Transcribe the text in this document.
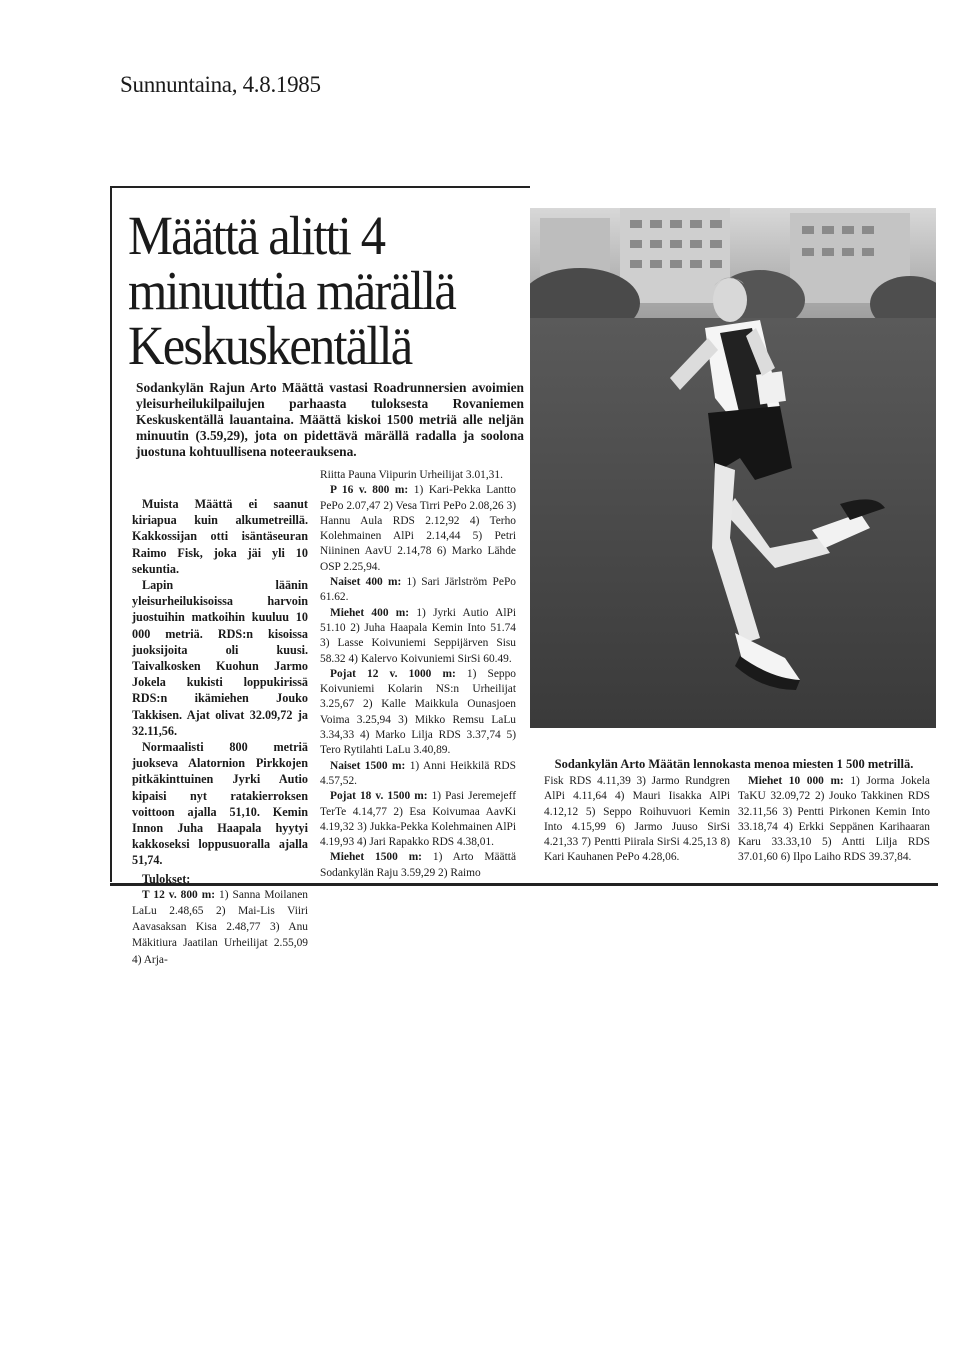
Sunnuntaina, 4.8.1985
Määttä alitti 4 minuuttia märällä Keskuskentällä

Sodankylän Rajun Arto Määttä vastasi Roadrunnersien avoimien yleisurheilukilpailujen parhaasta tuloksesta Rovaniemen Keskuskentällä lauantaina. Määttä kiskoi 1500 metriä alle neljän minuutin (3.59,29), jota on pidettävä märällä radalla ja soolona juostuna kohtuullisena noteerauksena.

Muista Määttä ei saanut kiriapua kuin alkumetreillä. Kakkossijan otti isäntäseuran Raimo Fisk, joka jäi yli 10 sekuntia.

Lapin läänin yleisurheilukisoissa harvoin juostuihin matkoihin kuuluu 10 000 metriä. RDS:n kisoissa juoksijoita oli kuusi. Taivalkosken Kuohun Jarmo Jokela kukisti loppukirissä RDS:n ikämiehen Jouko Takkisen. Ajat olivat 32.09,72 ja 32.11,56.

Normaalisti 800 metriä juokseva Alatornion Pirkkojen pitkäkinttuinen Jyrki Autio kipaisi nyt ratakierroksen voittoon ajalla 51,10. Kemin Innon Juha Haapala hyytyi kakkoseksi loppusuoralla ajalla 51,74.

Tulokset:

T 12 v. 800 m: 1) Sanna Moilanen LaLu 2.48,65 2) Mai-Lis Viiri Aavasaksan Kisa 2.48,77 3) Anu Mäkitiura Jaatilan Urheilijat 2.55,09 4) Arja-

Riitta Pauna Viipurin Urheilijat 3.01,31.

P 16 v. 800 m: 1) Kari-Pekka Lantto PePo 2.07,47 2) Vesa Tirri PePo 2.08,26 3) Hannu Aula RDS 2.12,92 4) Terho Kolehmainen AlPi 2.14,44 5) Petri Niininen AavU 2.14,78 6) Marko Lähde OSP 2.25,94.

Naiset 400 m: 1) Sari Järlström PePo 61.62.

Miehet 400 m: 1) Jyrki Autio AlPi 51.10 2) Juha Haapala Kemin Into 51.74 3) Lasse Koivuniemi Seppijärven Sisu 58.32 4) Kalervo Koivuniemi SirSi 60.49.

Pojat 12 v. 1000 m: 1) Seppo Koivuniemi Kolarin NS:n Urheilijat 3.25,67 2) Kalle Maikkula Ounasjoen Voima 3.25,94 3) Mikko Remsu LaLu 3.34,33 4) Marko Lilja RDS 3.37,74 5) Tero Rytilahti LaLu 3.40,89.

Naiset 1500 m: 1) Anni Heikkilä RDS 4.57,52.

Pojat 18 v. 1500 m: 1) Pasi Jeremejeff TerTe 4.14,77 2) Esa Koivumaa AavKi 4.19,32 3) Jukka-Pekka Kolehmainen AlPi 4.19,93 4) Jari Rapakko RDS 4.38,01.

Miehet 1500 m: 1) Arto Määttä Sodankylän Raju 3.59,29 2) Raimo

Sodankylän Arto Määtän lennokasta menoa miesten 1 500 metrillä.

Fisk RDS 4.11,39 3) Jarmo Rundgren AlPi 4.11,64 4) Mauri Iisakka AlPi 4.12,12 5) Seppo Roihuvuori Kemin Into 4.15,99 6) Jarmo Juuso SirSi 4.21,33 7) Pentti Piirala SirSi 4.25,13 8) Kari Kauhanen PePo 4.28,06.

Miehet 10 000 m: 1) Jorma Jokela TaKU 32.09,72 2) Jouko Takkinen RDS 32.11,56 3) Pentti Pirkonen Kemin Into 33.18,74 4) Erkki Seppänen Karihaaran Karu 33.33,10 5) Antti Lilja RDS 37.01,60 6) Ilpo Laiho RDS 39.37,84.
